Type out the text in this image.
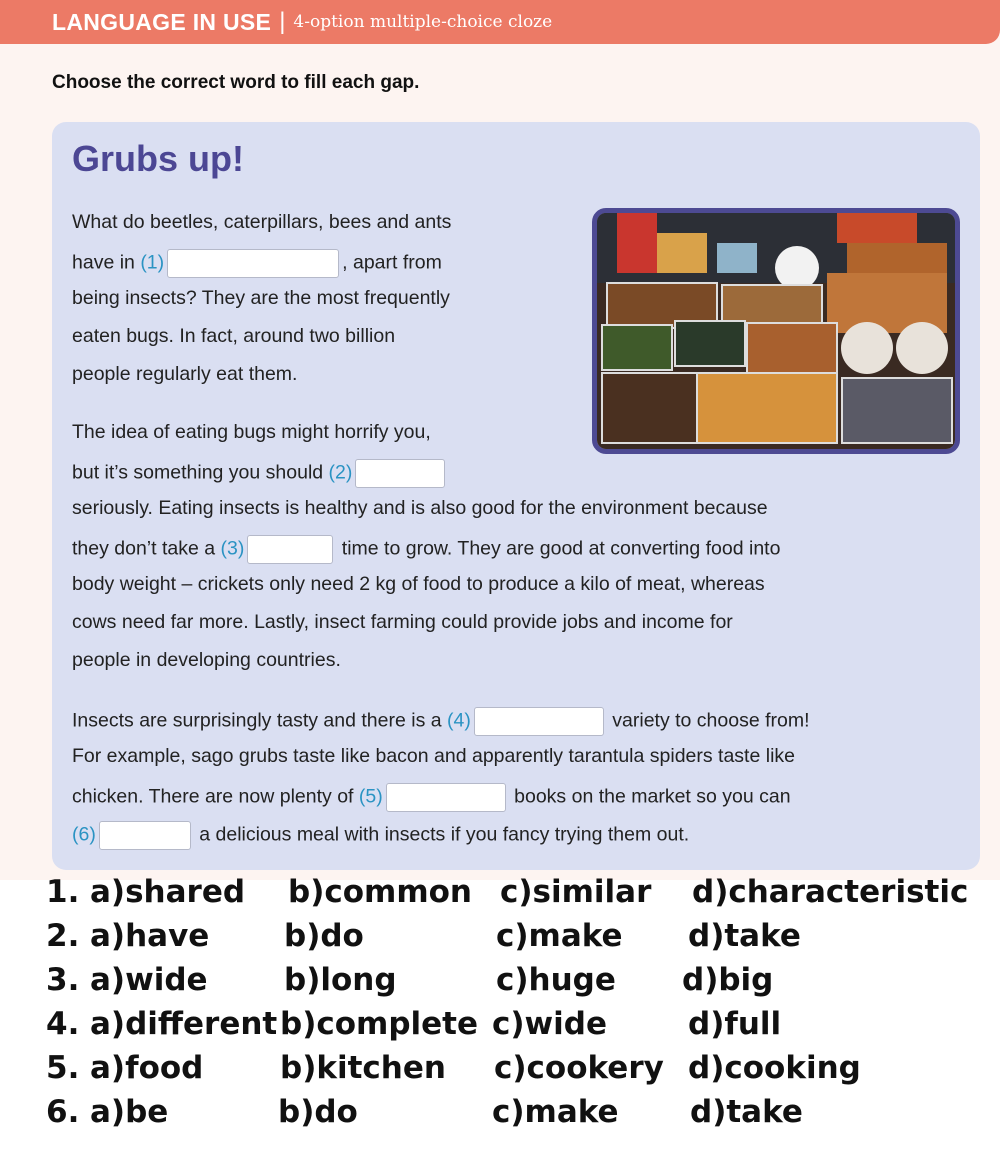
LANGUAGE IN USE | 4-option multiple-choice cloze
Choose the correct word to fill each gap.
Grubs up!
What do beetles, caterpillars, bees and ants
have in (1)	, apart from
being insects? They are the most frequently
eaten bugs. In fact, around two billion
people regularly eat them.
The idea of eating bugs might horrify you,
but it’s something you should (2)
seriously. Eating insects is healthy and is also good for the environment because
they don’t take a (3)	time to grow. They are good at converting food into
body weight – crickets only need 2 kg of food to produce a kilo of meat, whereas
cows need far more. Lastly, insect farming could provide jobs and income for
people in developing countries.
Insects are surprisingly tasty and there is a (4)	variety to choose from!
For example, sago grubs taste like bacon and apparently tarantula spiders taste like
chicken. There are now plenty of (5)	books on the market so you can
(6)	a delicious meal with insects if you fancy trying them out.
1. a)shared b)common c)similar d)characteristic
2. a)have b)do	c)make d)take
3. a)wide b)long	c)huge d)big
4. a)different b)complete c)wide	d)full
5. a)food b)kitchen c)cookery d)cooking
6. a)be	b)do	c)make d)take
